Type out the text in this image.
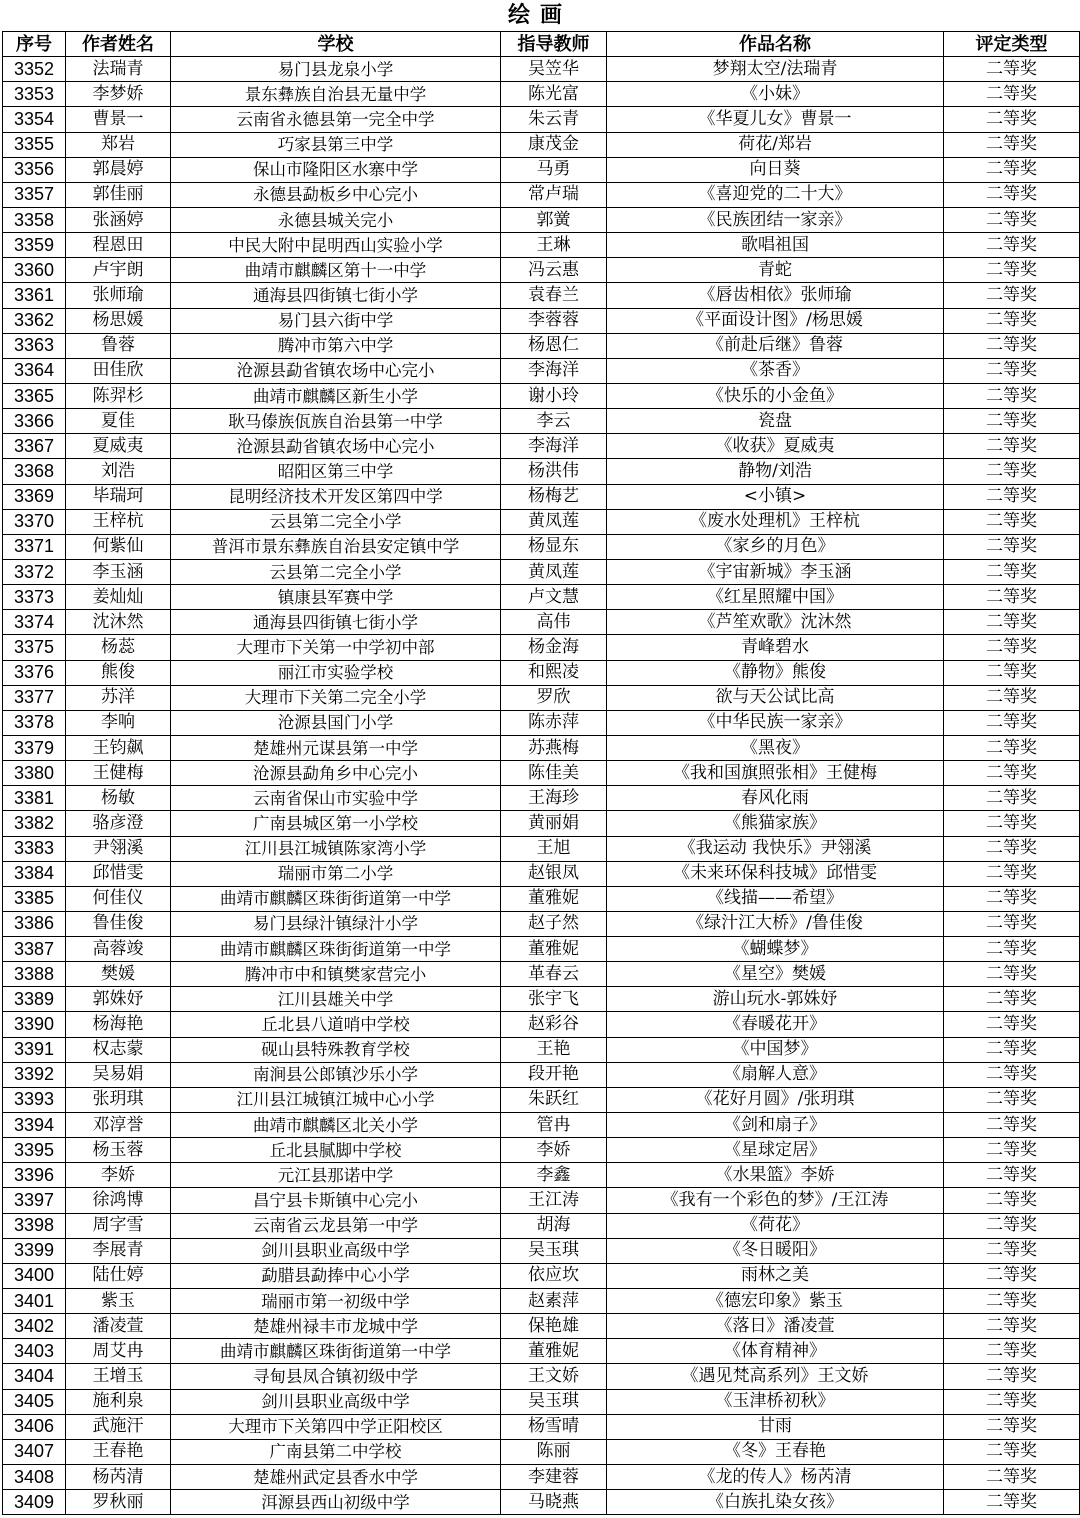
绘画
序号	作者姓名	学校	指导教师	作品名称	评定类型
3352	法瑞青	易门县龙泉小学	吴笠华	梦翔太空/法瑞青	二等奖
3353	李梦娇	景东彝族自治县无量中学	陈光富	《小妹》	二等奖
3354	曹景一	云南省永德县第一完全中学	朱云青	《华夏儿女》曹景一	二等奖
3355	郑岩	巧家县第三中学	康茂金	荷花/郑岩	二等奖
3356	郭晨婷	保山市隆阳区水寨中学	马勇	向日葵	二等奖
3357	郭佳丽	永德县勐板乡中心完小	常卢瑞	《喜迎党的二十大》	二等奖
3358	张涵婷	永德县城关完小	郭黉	《民族团结一家亲》	二等奖
3359	程恩田	中民大附中昆明西山实验小学	王琳	歌唱祖国	二等奖
3360	卢宇朗	曲靖市麒麟区第十一中学	冯云惠	青蛇	二等奖
3361	张师瑜	通海县四街镇七街小学	袁春兰	《唇齿相依》张师瑜	二等奖
3362	杨思媛	易门县六街中学	李蓉蓉	《平面设计图》/杨思媛	二等奖
3363	鲁蓉	腾冲市第六中学	杨恩仁	《前赴后继》鲁蓉	二等奖
3364	田佳欣	沧源县勐省镇农场中心完小	李海洋	《茶香》	二等奖
3365	陈羿杉	曲靖市麒麟区新生小学	谢小玲	《快乐的小金鱼》	二等奖
3366	夏佳	耿马傣族佤族自治县第一中学	李云	瓷盘	二等奖
3367	夏威夷	沧源县勐省镇农场中心完小	李海洋	《收获》夏威夷	二等奖
3368	刘浩	昭阳区第三中学	杨洪伟	静物/刘浩	二等奖
3369	毕瑞珂	昆明经济技术开发区第四中学	杨梅艺	<小镇>	二等奖
3370	王梓杭	云县第二完全小学	黄凤莲	《废水处理机》王梓杭	二等奖
3371	何紫仙	普洱市景东彝族自治县安定镇中学	杨显东	《家乡的月色》	二等奖
3372	李玉涵	云县第二完全小学	黄凤莲	《宇宙新城》李玉涵	二等奖
3373	姜灿灿	镇康县军赛中学	卢文慧	《红星照耀中国》	二等奖
3374	沈沐然	通海县四街镇七街小学	高伟	《芦笙欢歌》沈沐然	二等奖
3375	杨蕊	大理市下关第一中学初中部	杨金海	青峰碧水	二等奖
3376	熊俊	丽江市实验学校	和熙凌	《静物》熊俊	二等奖
3377	苏洋	大理市下关第二完全小学	罗欣	欲与天公试比高	二等奖
3378	李响	沧源县国门小学	陈赤萍	《中华民族一家亲》	二等奖
3379	王钧飙	楚雄州元谋县第一中学	苏燕梅	《黑夜》	二等奖
3380	王健梅	沧源县勐角乡中心完小	陈佳美	《我和国旗照张相》王健梅	二等奖
3381	杨敏	云南省保山市实验中学	王海珍	春风化雨	二等奖
3382	骆彦澄	广南县城区第一小学校	黄丽娟	《熊猫家族》	二等奖
3383	尹翎溪	江川县江城镇陈家湾小学	王旭	《我运动 我快乐》尹翎溪	二等奖
3384	邱惜雯	瑞丽市第二小学	赵银凤	《未来环保科技城》邱惜雯	二等奖
3385	何佳仪	曲靖市麒麟区珠街街道第一中学	董雅妮	《线描——希望》	二等奖
3386	鲁佳俊	易门县绿汁镇绿汁小学	赵子然	《绿汁江大桥》/鲁佳俊	二等奖
3387	高蓉竣	曲靖市麒麟区珠街街道第一中学	董雅妮	《蝴蝶梦》	二等奖
3388	樊媛	腾冲市中和镇樊家营完小	革春云	《星空》樊媛	二等奖
3389	郭姝妤	江川县雄关中学	张宇飞	游山玩水-郭姝妤	二等奖
3390	杨海艳	丘北县八道哨中学校	赵彩谷	《春暖花开》	二等奖
3391	权志蒙	砚山县特殊教育学校	王艳	《中国梦》	二等奖
3392	吴易娟	南涧县公郎镇沙乐小学	段开艳	《扇解人意》	二等奖
3393	张玥琪	江川县江城镇江城中心小学	朱跃红	《花好月圆》/张玥琪	二等奖
3394	邓淳誉	曲靖市麒麟区北关小学	管冉	《剑和扇子》	二等奖
3395	杨玉蓉	丘北县腻脚中学校	李娇	《星球定居》	二等奖
3396	李娇	元江县那诺中学	李鑫	《水果篮》李娇	二等奖
3397	徐鸿博	昌宁县卡斯镇中心完小	王江涛	《我有一个彩色的梦》/王江涛	二等奖
3398	周字雪	云南省云龙县第一中学	胡海	《荷花》	二等奖
3399	李展青	剑川县职业高级中学	吴玉琪	《冬日暖阳》	二等奖
3400	陆仕婷	勐腊县勐捧中心小学	依应坎	雨林之美	二等奖
3401	紫玉	瑞丽市第一初级中学	赵素萍	《德宏印象》紫玉	二等奖
3402	潘凌萱	楚雄州禄丰市龙城中学	保艳雄	《落日》潘凌萱	二等奖
3403	周艾冉	曲靖市麒麟区珠街街道第一中学	董雅妮	《体育精神》	二等奖
3404	王增玉	寻甸县凤合镇初级中学	王文娇	《遇见梵高系列》王文娇	二等奖
3405	施利泉	剑川县职业高级中学	吴玉琪	《玉津桥初秋》	二等奖
3406	武施汗	大理市下关第四中学正阳校区	杨雪晴	甘雨	二等奖
3407	王春艳	广南县第二中学校	陈丽	《冬》王春艳	二等奖
3408	杨芮清	楚雄州武定县香水中学	李建蓉	《龙的传人》杨芮清	二等奖
3409	罗秋丽	洱源县西山初级中学	马晓燕	《白族扎染女孩》	二等奖
